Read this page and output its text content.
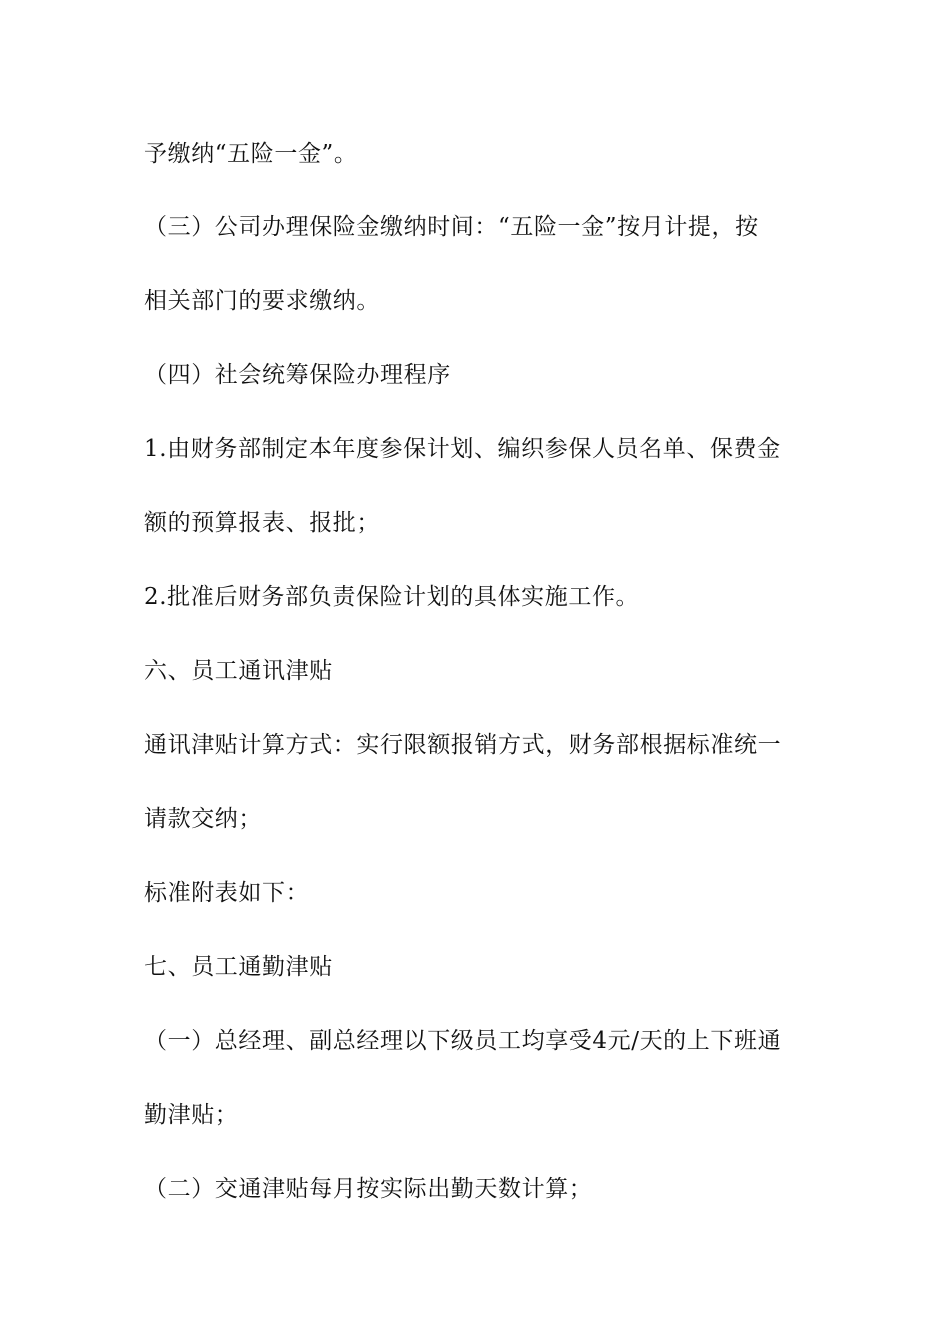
予缴纳“五险一金”。

（三）公司办理保险金缴纳时间：“五险一金”按月计提，按

相关部门的要求缴纳。

（四）社会统筹保险办理程序

1.由财务部制定本年度参保计划、编织参保人员名单、保费金

额的预算报表、报批；

2.批准后财务部负责保险计划的具体实施工作。

六、员工通讯津贴

通讯津贴计算方式：实行限额报销方式，财务部根据标准统一

请款交纳；

标准附表如下：

七、员工通勤津贴

（一）总经理、副总经理以下级员工均享受4元/天的上下班通

勤津贴；

（二）交通津贴每月按实际出勤天数计算；
